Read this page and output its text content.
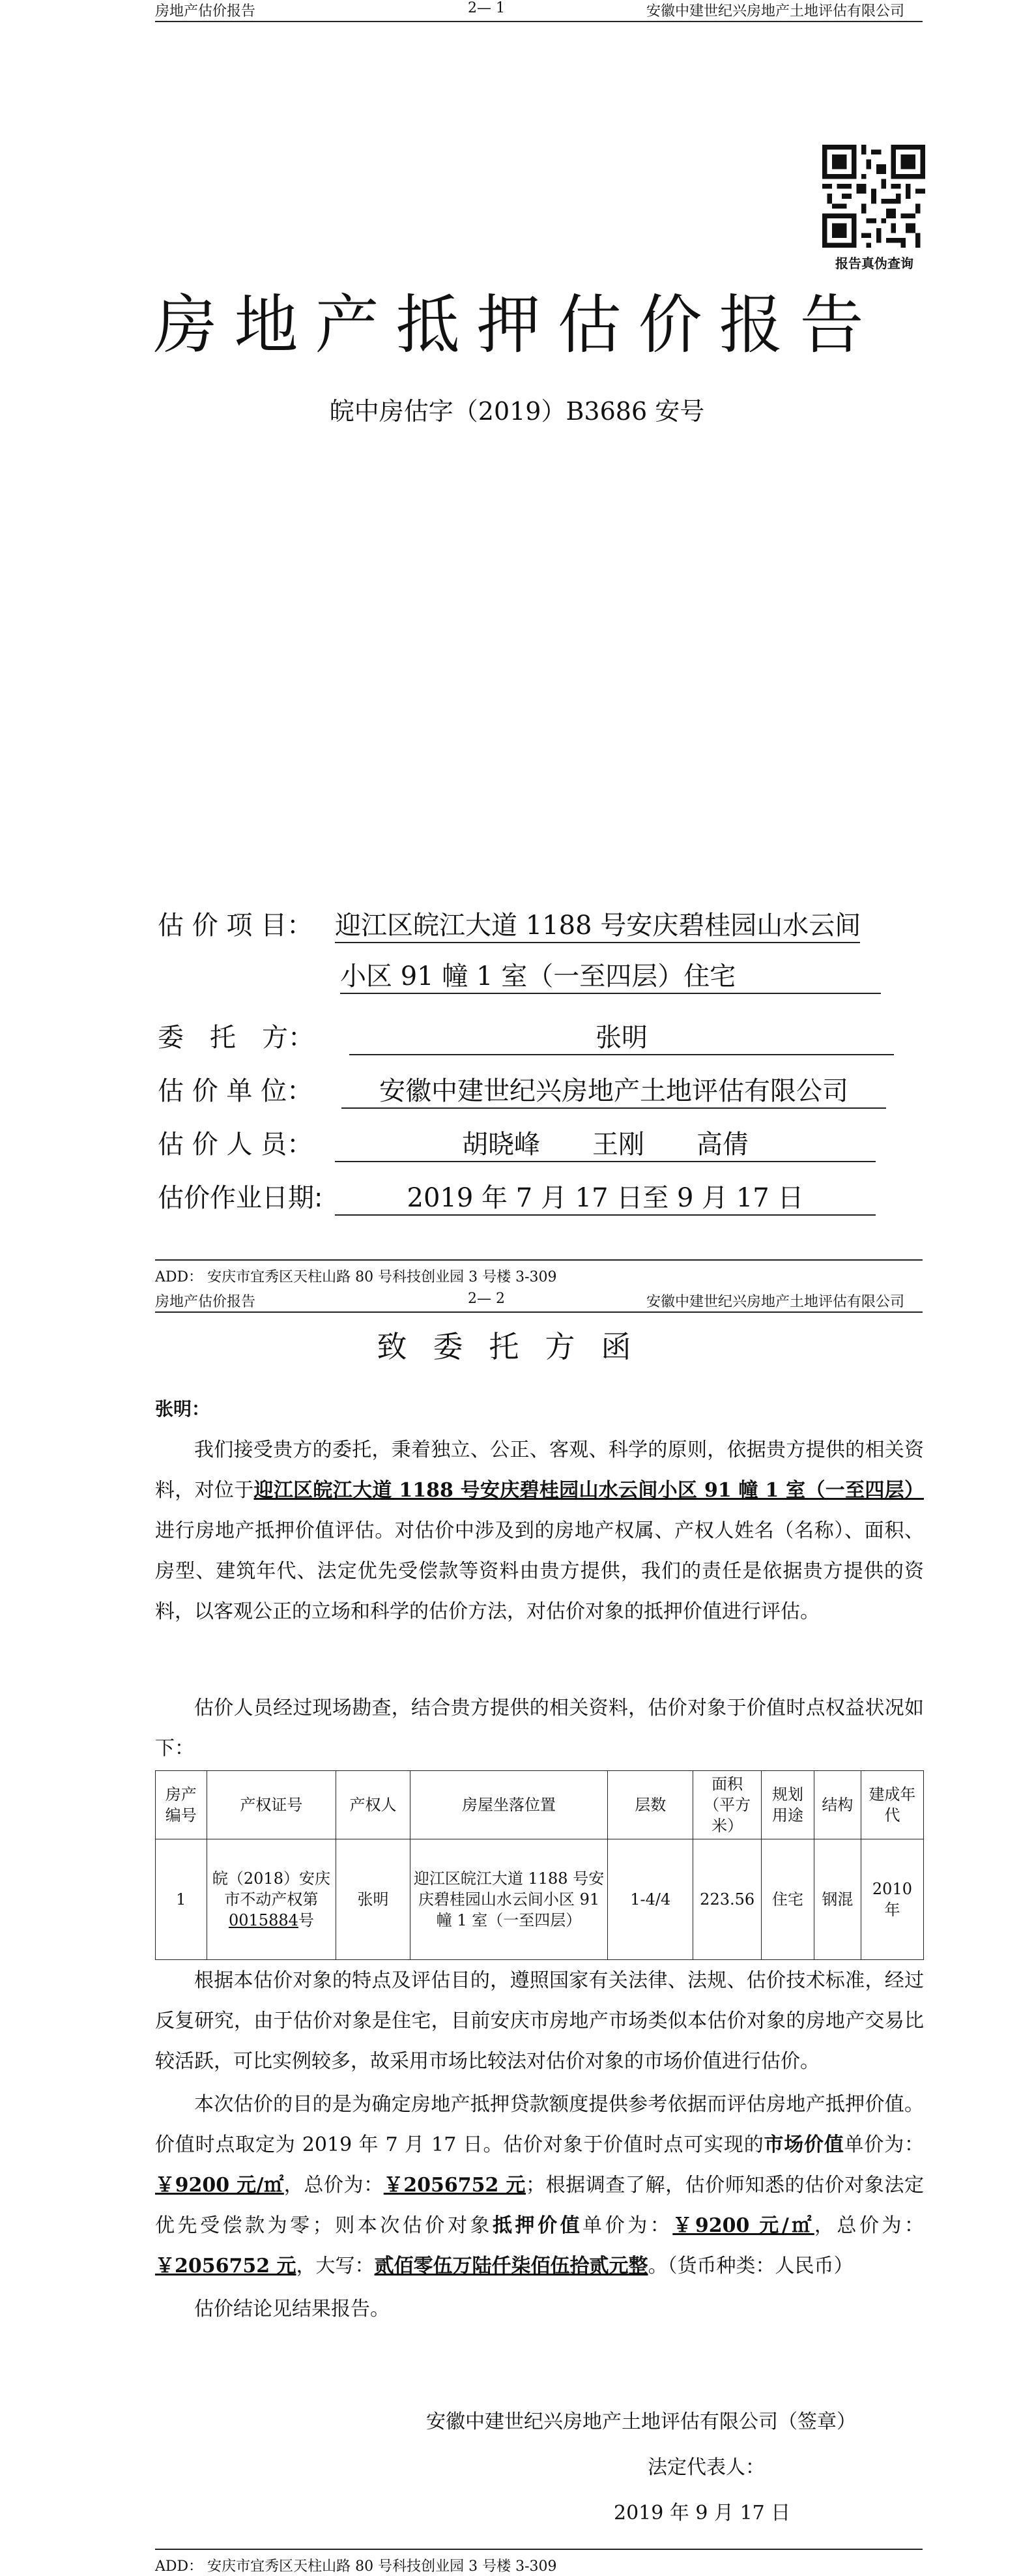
房地产估价报告	2— 1	安徽中建世纪兴房地产土地评估有限公司
报告真伪查询
房地产抵押估价报告
皖中房估字（2019）B3686 安号
估 价 项 目： 迎江区皖江大道 1188 号安庆碧桂园山水云间
小区 91 幢 1 室（一至四层）住宅
委　托　方：	张明
估 价 单 位：	安徽中建世纪兴房地产土地评估有限公司
估 价 人 员：	胡晓峰　　王刚　　高倩
估价作业日期:	2019 年 7 月 17 日至 9 月 17 日
ADD： 安庆市宜秀区天柱山路 80 号科技创业园 3 号楼 3-309
房地产估价报告	2— 2	安徽中建世纪兴房地产土地评估有限公司
致委托方函
张明：
我们接受贵方的委托，秉着独立、公正、客观、科学的原则，依据贵方提供的相关资料，对位于迎江区皖江大道 1188 号安庆碧桂园山水云间小区 91 幢 1 室（一至四层）进行房地产抵押价值评估。对估价中涉及到的房地产权属、产权人姓名（名称）、面积、房型、建筑年代、法定优先受偿款等资料由贵方提供，我们的责任是依据贵方提供的资料，以客观公正的立场和科学的估价方法，对估价对象的抵押价值进行评估。
估价人员经过现场勘查，结合贵方提供的相关资料，估价对象于价值时点权益状况如下：
房产编号	产权证号	产权人	房屋坐落位置	层数	面积（平方米）	规划用途	结构	建成年代
1	皖（2018）安庆市不动产权第0015884号	张明	迎江区皖江大道 1188 号安庆碧桂园山水云间小区 91 幢 1 室（一至四层）	1-4/4	223.56	住宅	钢混	2010 年
根据本估价对象的特点及评估目的，遵照国家有关法律、法规、估价技术标准，经过反复研究，由于估价对象是住宅，目前安庆市房地产市场类似本估价对象的房地产交易比较活跃，可比实例较多，故采用市场比较法对估价对象的市场价值进行估价。
本次估价的目的是为确定房地产抵押贷款额度提供参考依据而评估房地产抵押价值。价值时点取定为 2019 年 7 月 17 日。估价对象于价值时点可实现的市场价值单价为：￥9200 元/㎡，总价为：￥2056752 元；根据调查了解，估价师知悉的估价对象法定优先受偿款为零；则本次估价对象抵押价值单价为：￥9200 元/㎡，总价为：￥2056752 元，大写：贰佰零伍万陆仟柒佰伍拾贰元整。（货币种类：人民币）
估价结论见结果报告。
安徽中建世纪兴房地产土地评估有限公司（签章）
法定代表人：
2019 年 9 月 17 日
ADD： 安庆市宜秀区天柱山路 80 号科技创业园 3 号楼 3-309
